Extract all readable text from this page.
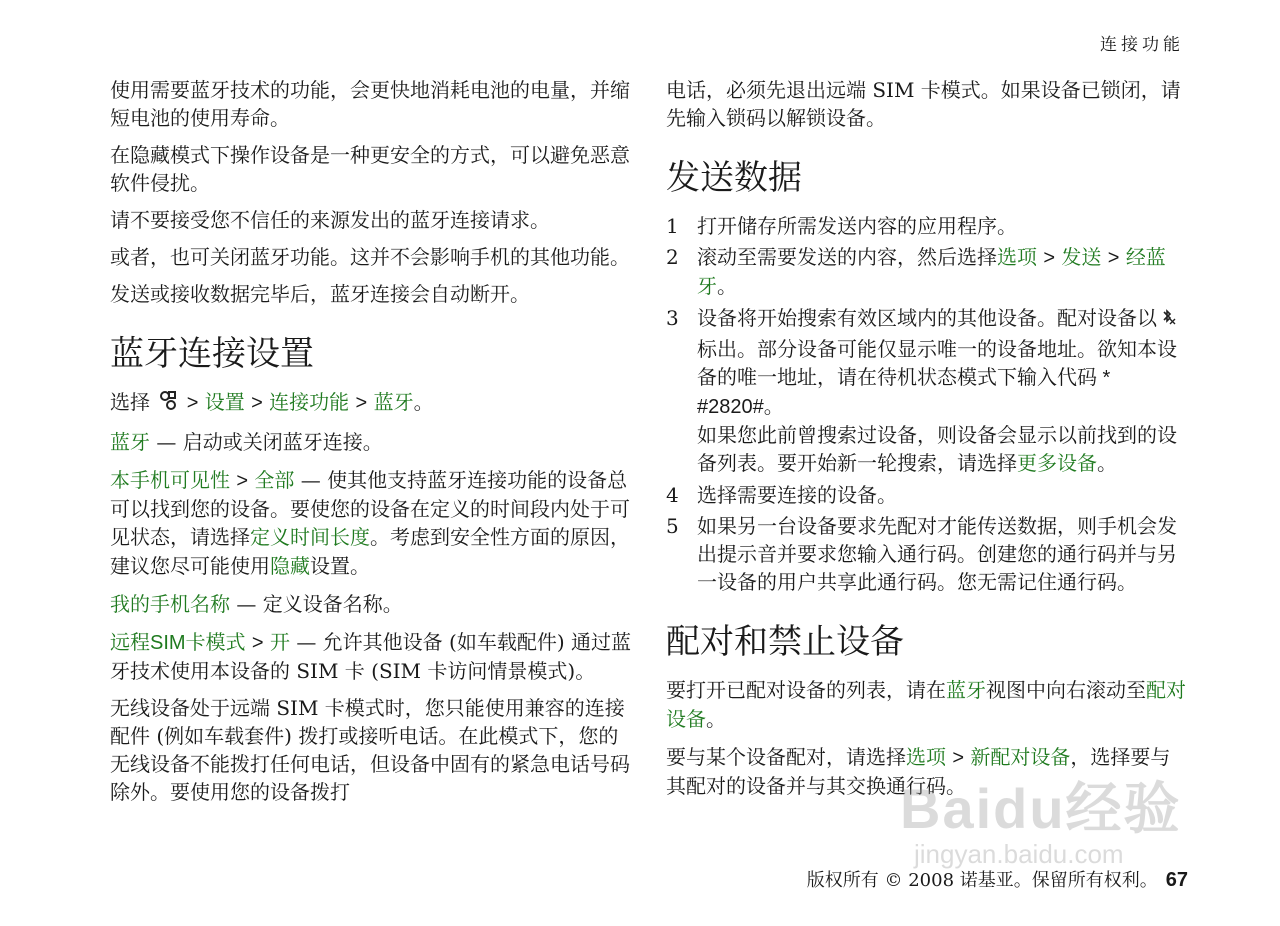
连接功能

使用需要蓝牙技术的功能，会更快地消耗电池的电量，并缩短电池的使用寿命。

在隐藏模式下操作设备是一种更安全的方式，可以避免恶意软件侵扰。

请不要接受您不信任的来源发出的蓝牙连接请求。

或者，也可关闭蓝牙功能。这并不会影响手机的其他功能。

发送或接收数据完毕后，蓝牙连接会自动断开。

蓝牙连接设置

选择 > 设置 > 连接功能 > 蓝牙。

蓝牙 — 启动或关闭蓝牙连接。

本手机可见性 > 全部 — 使其他支持蓝牙连接功能的设备总可以找到您的设备。要使您的设备在定义的时间段内处于可见状态，请选择定义时间长度。考虑到安全性方面的原因，建议您尽可能使用隐藏设置。

我的手机名称 — 定义设备名称。

远程SIM卡模式 > 开 — 允许其他设备 (如车载配件) 通过蓝牙技术使用本设备的 SIM 卡 (SIM 卡访问情景模式)。

无线设备处于远端 SIM 卡模式时，您只能使用兼容的连接配件 (例如车载套件) 拨打或接听电话。在此模式下，您的无线设备不能拨打任何电话，但设备中固有的紧急电话号码除外。要使用您的设备拨打

电话，必须先退出远端 SIM 卡模式。如果设备已锁闭，请先输入锁码以解锁设备。

发送数据
1 打开储存所需发送内容的应用程序。
2 滚动至需要发送的内容，然后选择选项 > 发送 > 经蓝牙。
3 设备将开始搜索有效区域内的其他设备。配对设备以标出。部分设备可能仅显示唯一的设备地址。欲知本设备的唯一地址，请在待机状态模式下输入代码 * #2820#。
如果您此前曾搜索过设备，则设备会显示以前找到的设备列表。要开始新一轮搜索，请选择更多设备。
4 选择需要连接的设备。
5 如果另一台设备要求先配对才能传送数据，则手机会发出提示音并要求您输入通行码。创建您的通行码并与另一设备的用户共享此通行码。您无需记住通行码。
配对和禁止设备

要打开已配对设备的列表，请在蓝牙视图中向右滚动至配对设备。

要与某个设备配对，请选择选项 > 新配对设备，选择要与其配对的设备并与其交换通行码。

Baidu经验
jingyan.baidu.com
版权所有 © 2008 诺基亚。保留所有权利。 67
